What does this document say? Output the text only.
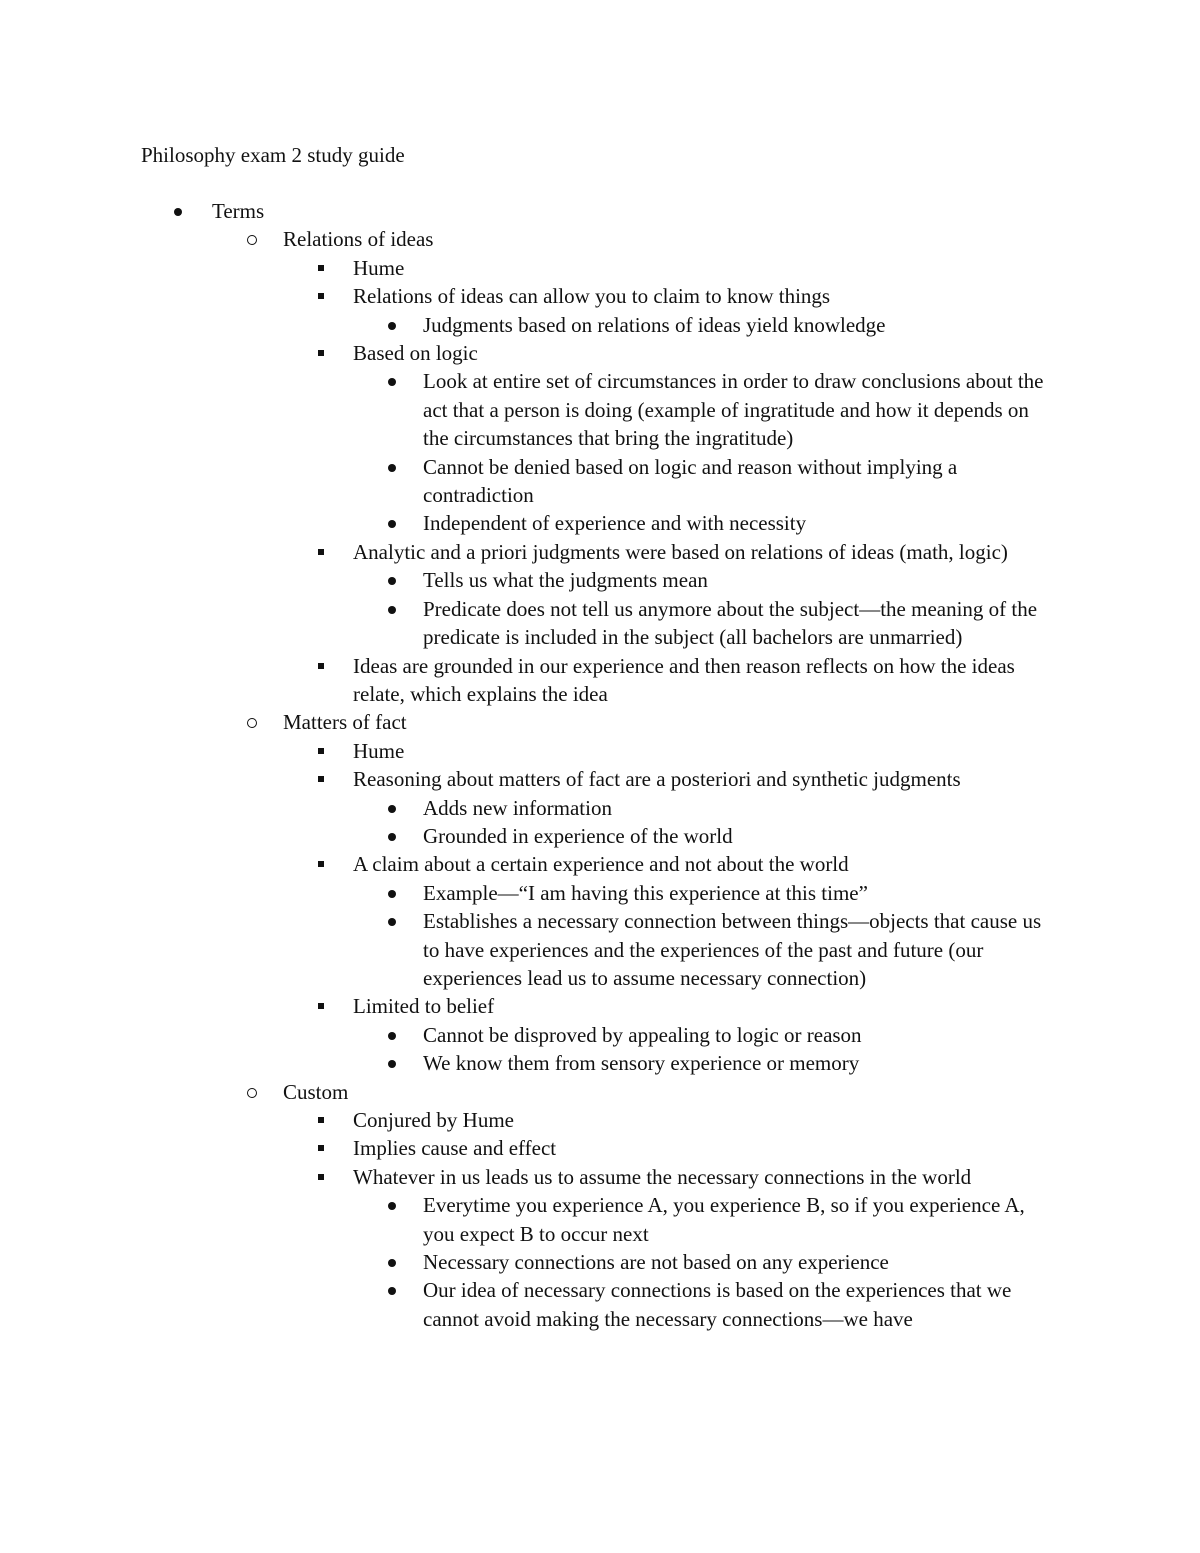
Philosophy exam 2 study guide
Terms
Relations of ideas
Hume
Relations of ideas can allow you to claim to know things
Judgments based on relations of ideas yield knowledge
Based on logic
Look at entire set of circumstances in order to draw conclusions about the act that a person is doing (example of ingratitude and how it depends on the circumstances that bring the ingratitude)
Cannot be denied based on logic and reason without implying a contradiction
Independent of experience and with necessity
Analytic and a priori judgments were based on relations of ideas (math, logic)
Tells us what the judgments mean
Predicate does not tell us anymore about the subject—the meaning of the predicate is included in the subject (all bachelors are unmarried)
Ideas are grounded in our experience and then reason reflects on how the ideas relate, which explains the idea
Matters of fact
Hume
Reasoning about matters of fact are a posteriori and synthetic judgments
Adds new information
Grounded in experience of the world
A claim about a certain experience and not about the world
Example—“I am having this experience at this time”
Establishes a necessary connection between things—objects that cause us to have experiences and the experiences of the past and future (our experiences lead us to assume necessary connection)
Limited to belief
Cannot be disproved by appealing to logic or reason
We know them from sensory experience or memory
Custom
Conjured by Hume
Implies cause and effect
Whatever in us leads us to assume the necessary connections in the world
Everytime you experience A, you experience B, so if you experience A, you expect B to occur next
Necessary connections are not based on any experience
Our idea of necessary connections is based on the experiences that we cannot avoid making the necessary connections—we have
